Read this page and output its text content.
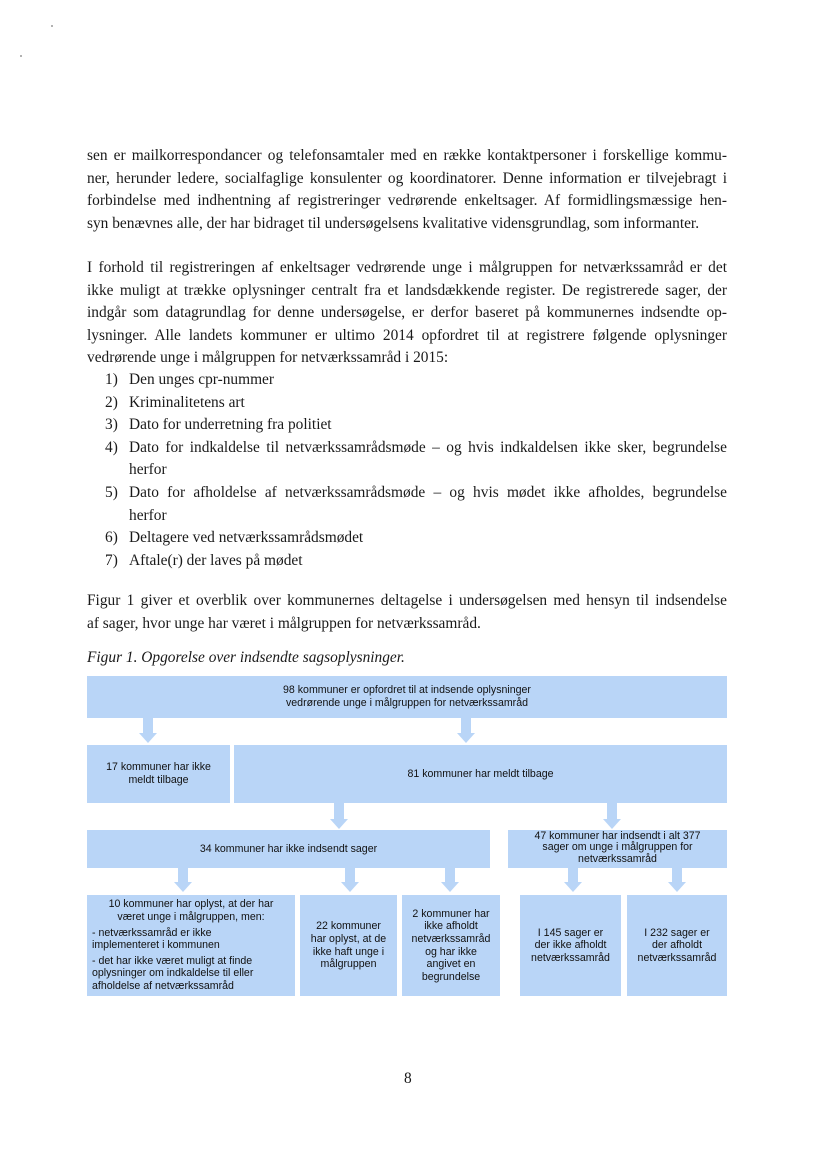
sen er mailkorrespondancer og telefonsamtaler med en række kontaktpersoner i forskellige kommu-
ner, herunder ledere, socialfaglige konsulenter og koordinatorer. Denne information er tilvejebragt i
forbindelse med indhentning af registreringer vedrørende enkeltsager. Af formidlingsmæssige hen-
syn benævnes alle, der har bidraget til undersøgelsens kvalitative vidensgrundlag, som informanter.
I forhold til registreringen af enkeltsager vedrørende unge i målgruppen for netværkssamråd er det
ikke muligt at trække oplysninger centralt fra et landsdækkende register. De registrerede sager, der
indgår som datagrundlag for denne undersøgelse, er derfor baseret på kommunernes indsendte op-
lysninger. Alle landets kommuner er ultimo 2014 opfordret til at registrere følgende oplysninger
vedrørende unge i målgruppen for netværkssamråd i 2015:
1) Den unges cpr-nummer
2) Kriminalitetens art
3) Dato for underretning fra politiet
4) Dato for indkaldelse til netværkssamrådsmøde – og hvis indkaldelsen ikke sker, begrundelse
herfor
5) Dato for afholdelse af netværkssamrådsmøde – og hvis mødet ikke afholdes, begrundelse
herfor
6) Deltagere ved netværkssamrådsmødet
7) Aftale(r) der laves på mødet
Figur 1 giver et overblik over kommunernes deltagelse i undersøgelsen med hensyn til indsendelse
af sager, hvor unge har været i målgruppen for netværkssamråd.

Figur 1. Opgorelse over indsendte sagsoplysninger.

98 kommuner er opfordret til at indsende oplysninger
vedrørende unge i målgruppen for netværkssamråd
17 kommuner har ikke
meldt tilbage
81 kommuner har meldt tilbage
34 kommuner har ikke indsendt sager
47 kommuner har indsendt i alt 377
sager om unge i målgruppen for
netværkssamråd
10 kommuner har oplyst, at der har
været unge i målgruppen, men:
- netværkssamråd er ikke
implementeret i kommunen
- det har ikke været muligt at finde
oplysninger om indkaldelse til eller
afholdelse af netværkssamråd
22 kommuner
har oplyst, at de
ikke haft unge i
målgruppen
2 kommuner har
ikke afholdt
netværkssamråd
og har ikke
angivet en
begrundelse
I 145 sager er
der ikke afholdt
netværkssamråd
I 232 sager er
der afholdt
netværkssamråd
8
